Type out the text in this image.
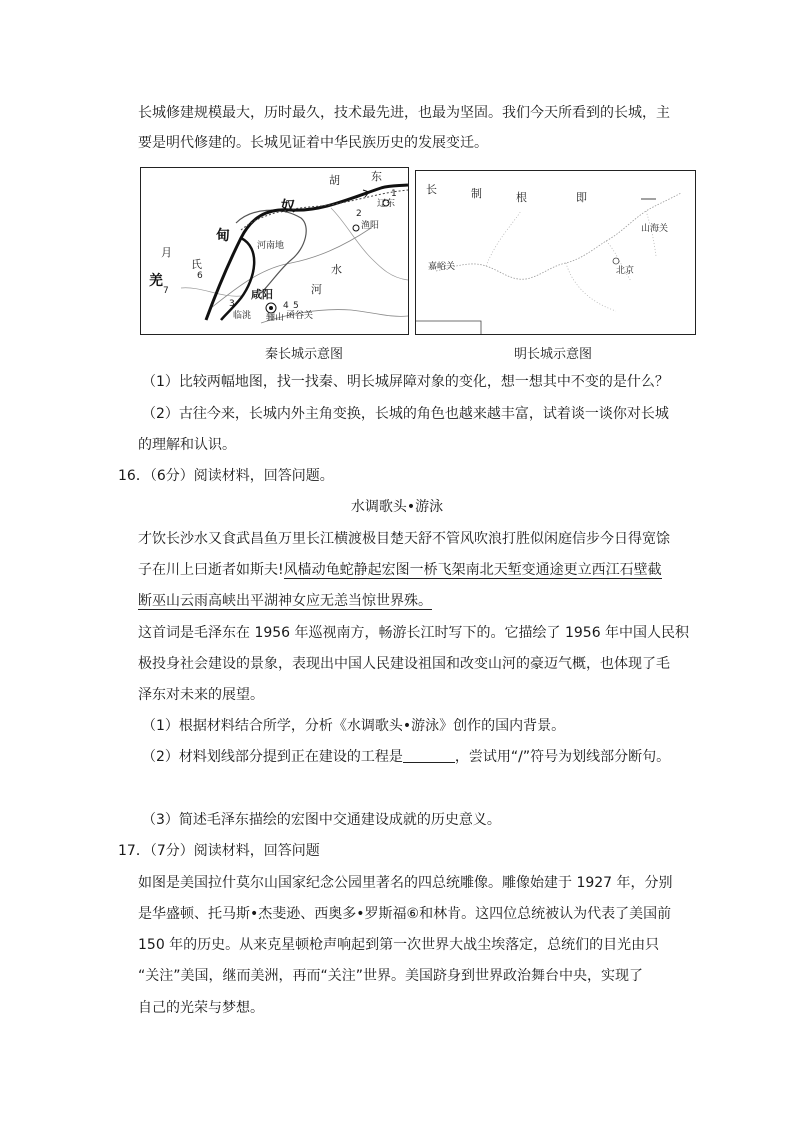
长城修建规模最大，历时最久，技术最先进，也最为坚固。我们今天所看到的长城，主
要是明代修建的。长城见证着中华民族历史的发展变迁。
胡	东
奴
甸
月
氏
羌
辽东
渔阳
河南地
咸阳
临洮	函谷关
骊山
水
河
2
1
3	4 5
6
7
秦长城示意图
长	制	根	即
嘉峪关
山海关
北京
明长城示意图
（1）比较两幅地图，找一找秦、明长城屏障对象的变化，想一想其中不变的是什么？
（2）古往今来，长城内外主角变换，长城的角色也越来越丰富，试着谈一谈你对长城
的理解和认识。
16．（6分）阅读材料，回答问题。
水调歌头•游泳
才饮长沙水又食武昌鱼万里长江横渡极目楚天舒不管风吹浪打胜似闲庭信步今日得宽馀
子在川上曰逝者如斯夫!风樯动龟蛇静起宏图一桥飞架南北天堑变通途更立西江石壁截
断巫山云雨高峡出平湖神女应无恙当惊世界殊。
这首词是毛泽东在 1956 年巡视南方，畅游长江时写下的。它描绘了 1956 年中国人民积
极投身社会建设的景象，表现出中国人民建设祖国和改变山河的豪迈气概，也体现了毛
泽东对未来的展望。
（1）根据材料结合所学，分析《水调歌头•游泳》创作的国内背景。
（2）材料划线部分提到正在建设的工程是	，尝试用“/”符号为划线部分断句。
（3）简述毛泽东描绘的宏图中交通建设成就的历史意义。
17．（7分）阅读材料，回答问题
如图是美国拉什莫尔山国家纪念公园里著名的四总统雕像。雕像始建于 1927 年，分别
是华盛顿、托马斯•杰斐逊、西奥多•罗斯福⑥和林肯。这四位总统被认为代表了美国前
150 年的历史。从来克星顿枪声响起到第一次世界大战尘埃落定，总统们的目光由只
“关注”美国，继而美洲，再而“关注”世界。美国跻身到世界政治舞台中央，实现了
自己的光荣与梦想。
